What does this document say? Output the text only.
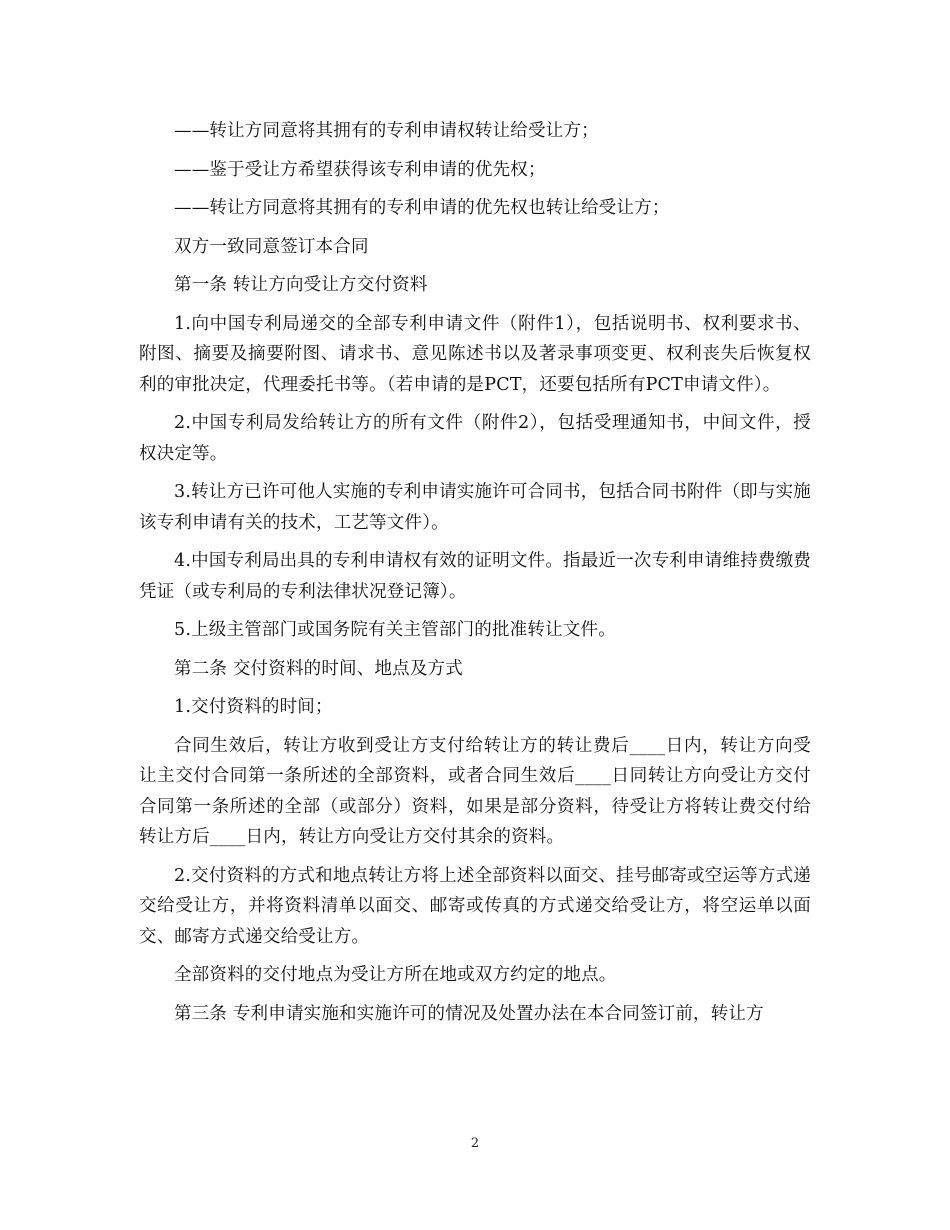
——转让方同意将其拥有的专利申请权转让给受让方；

——鉴于受让方希望获得该专利申请的优先权；

——转让方同意将其拥有的专利申请的优先权也转让给受让方；

双方一致同意签订本合同

第一条 转让方向受让方交付资料

1.向中国专利局递交的全部专利申请文件（附件1），包括说明书、权利要求书、附图、摘要及摘要附图、请求书、意见陈述书以及著录事项变更、权利丧失后恢复权利的审批决定，代理委托书等。（若申请的是PCT，还要包括所有PCT申请文件）。

2.中国专利局发给转让方的所有文件（附件2），包括受理通知书，中间文件，授权决定等。

3.转让方已许可他人实施的专利申请实施许可合同书，包括合同书附件（即与实施该专利申请有关的技术，工艺等文件）。

4.中国专利局出具的专利申请权有效的证明文件。指最近一次专利申请维持费缴费凭证（或专利局的专利法律状况登记簿）。

5.上级主管部门或国务院有关主管部门的批准转让文件。

第二条 交付资料的时间、地点及方式

1.交付资料的时间；

合同生效后，转让方收到受让方支付给转让方的转让费后____日内，转让方向受让主交付合同第一条所述的全部资料，或者合同生效后____日同转让方向受让方交付合同第一条所述的全部（或部分）资料，如果是部分资料，待受让方将转让费交付给转让方后____日内，转让方向受让方交付其余的资料。

2.交付资料的方式和地点转让方将上述全部资料以面交、挂号邮寄或空运等方式递交给受让方，并将资料清单以面交、邮寄或传真的方式递交给受让方，将空运单以面交、邮寄方式递交给受让方。

全部资料的交付地点为受让方所在地或双方约定的地点。

第三条 专利申请实施和实施许可的情况及处置办法在本合同签订前，转让方

2
